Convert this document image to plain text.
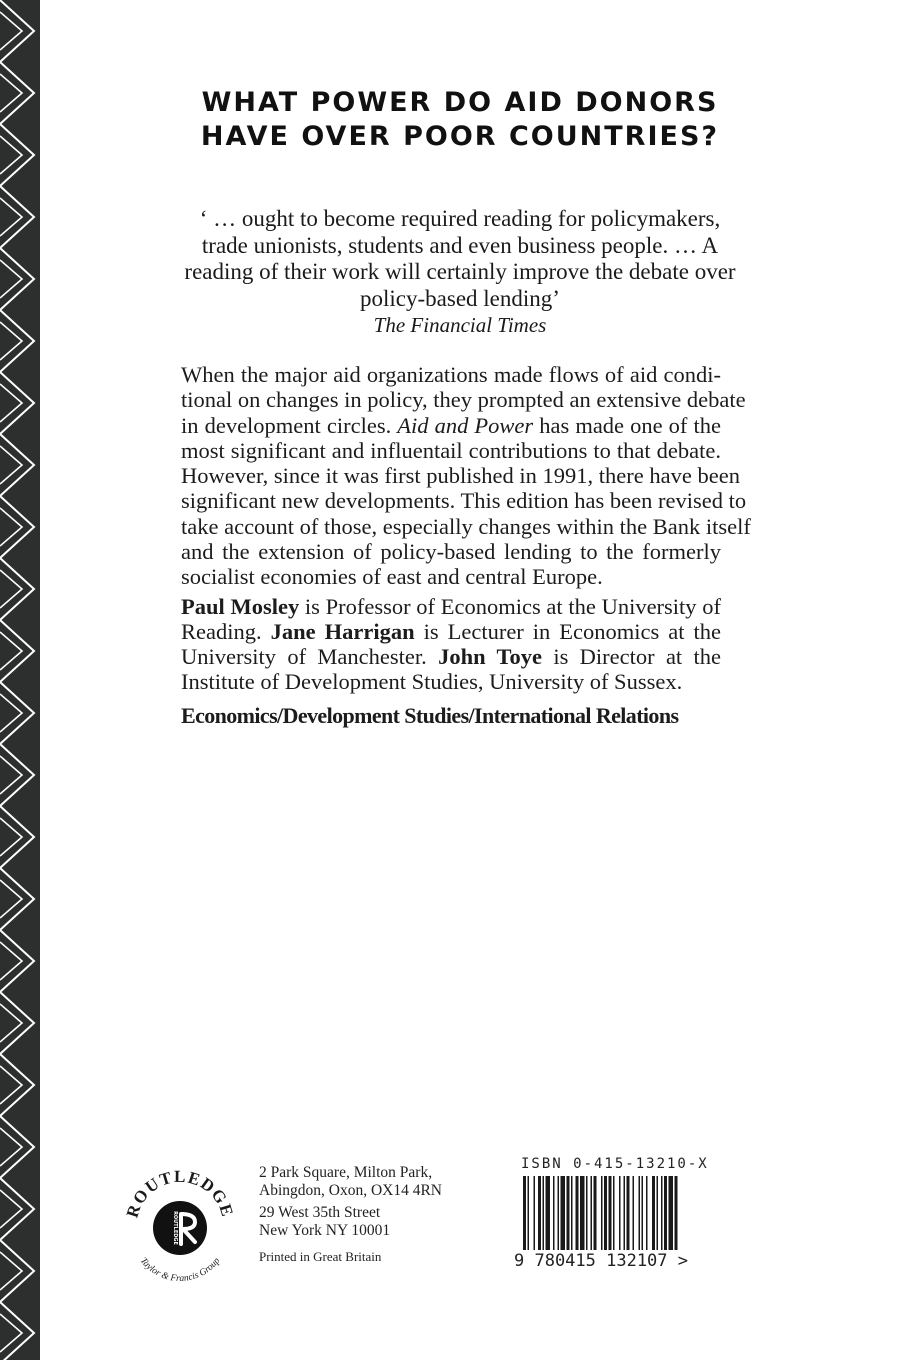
WHAT POWER DO AID DONORS
HAVE OVER POOR COUNTRIES?
‘ … ought to become required reading for policymakers,
trade unionists, students and even business people. … A
reading of their work will certainly improve the debate over
policy-based lending’
The Financial Times
When the major aid organizations made flows of aid condi-
tional on changes in policy, they prompted an extensive debate
in development circles. Aid and Power has made one of the
most significant and influentail contributions to that debate.
However, since it was first published in 1991, there have been
significant new developments. This edition has been revised to
take account of those, especially changes within the Bank itself
and the extension of policy-based lending to the formerly
socialist economies of east and central Europe.
Paul Mosley is Professor of Economics at the University of
Reading. Jane Harrigan is Lecturer in Economics at the
University of Manchester. John Toye is Director at the
Institute of Development Studies, University of Sussex.
Economics/Development Studies/International Relations
ROUTLEDGE
ROUTLEDGE
Taylor & Francis Group
2 Park Square, Milton Park,
Abingdon, Oxon, OX14 4RN
29 West 35th Street
New York NY 10001
Printed in Great Britain
ISBN 0-415-13210-X
9 780415 132107 >
